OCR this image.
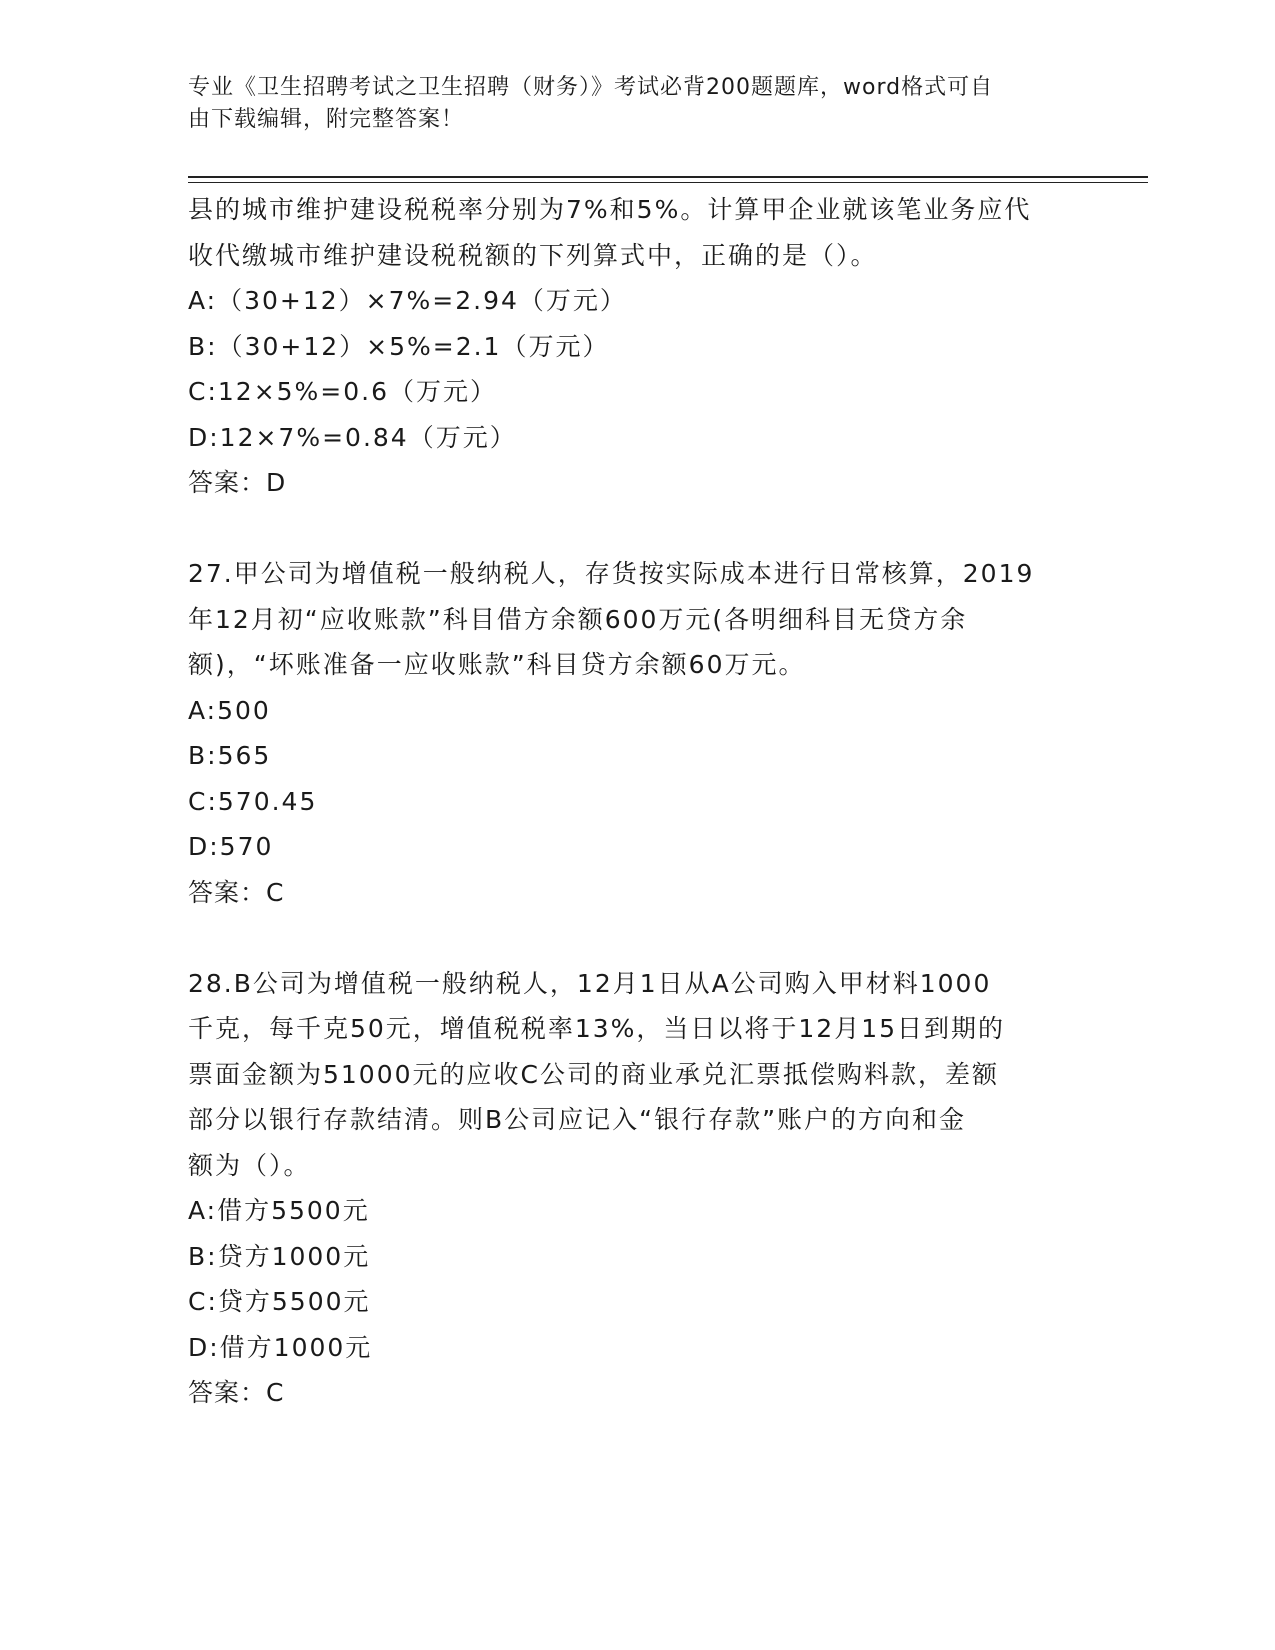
专业《卫生招聘考试之卫生招聘（财务）》考试必背200题题库，word格式可自
由下载编辑，附完整答案！
县的城市维护建设税税率分别为7%和5%。计算甲企业就该笔业务应代
收代缴城市维护建设税税额的下列算式中，正确的是（）。
A:（30+12）×7%=2.94（万元）
B:（30+12）×5%=2.1（万元）
C:12×5%=0.6（万元）
D:12×7%=0.84（万元）
答案：D
27.甲公司为增值税一般纳税人，存货按实际成本进行日常核算，2019
年12月初“应收账款”科目借方余额600万元(各明细科目无贷方余
额)，“坏账准备一应收账款”科目贷方余额60万元。
A:500
B:565
C:570.45
D:570
答案：C
28.B公司为增值税一般纳税人，12月1日从A公司购入甲材料1000
千克，每千克50元，增值税税率13%，当日以将于12月15日到期的
票面金额为51000元的应收C公司的商业承兑汇票抵偿购料款，差额
部分以银行存款结清。则B公司应记入“银行存款”账户的方向和金
额为（）。
A:借方5500元
B:贷方1000元
C:贷方5500元
D:借方1000元
答案：C
